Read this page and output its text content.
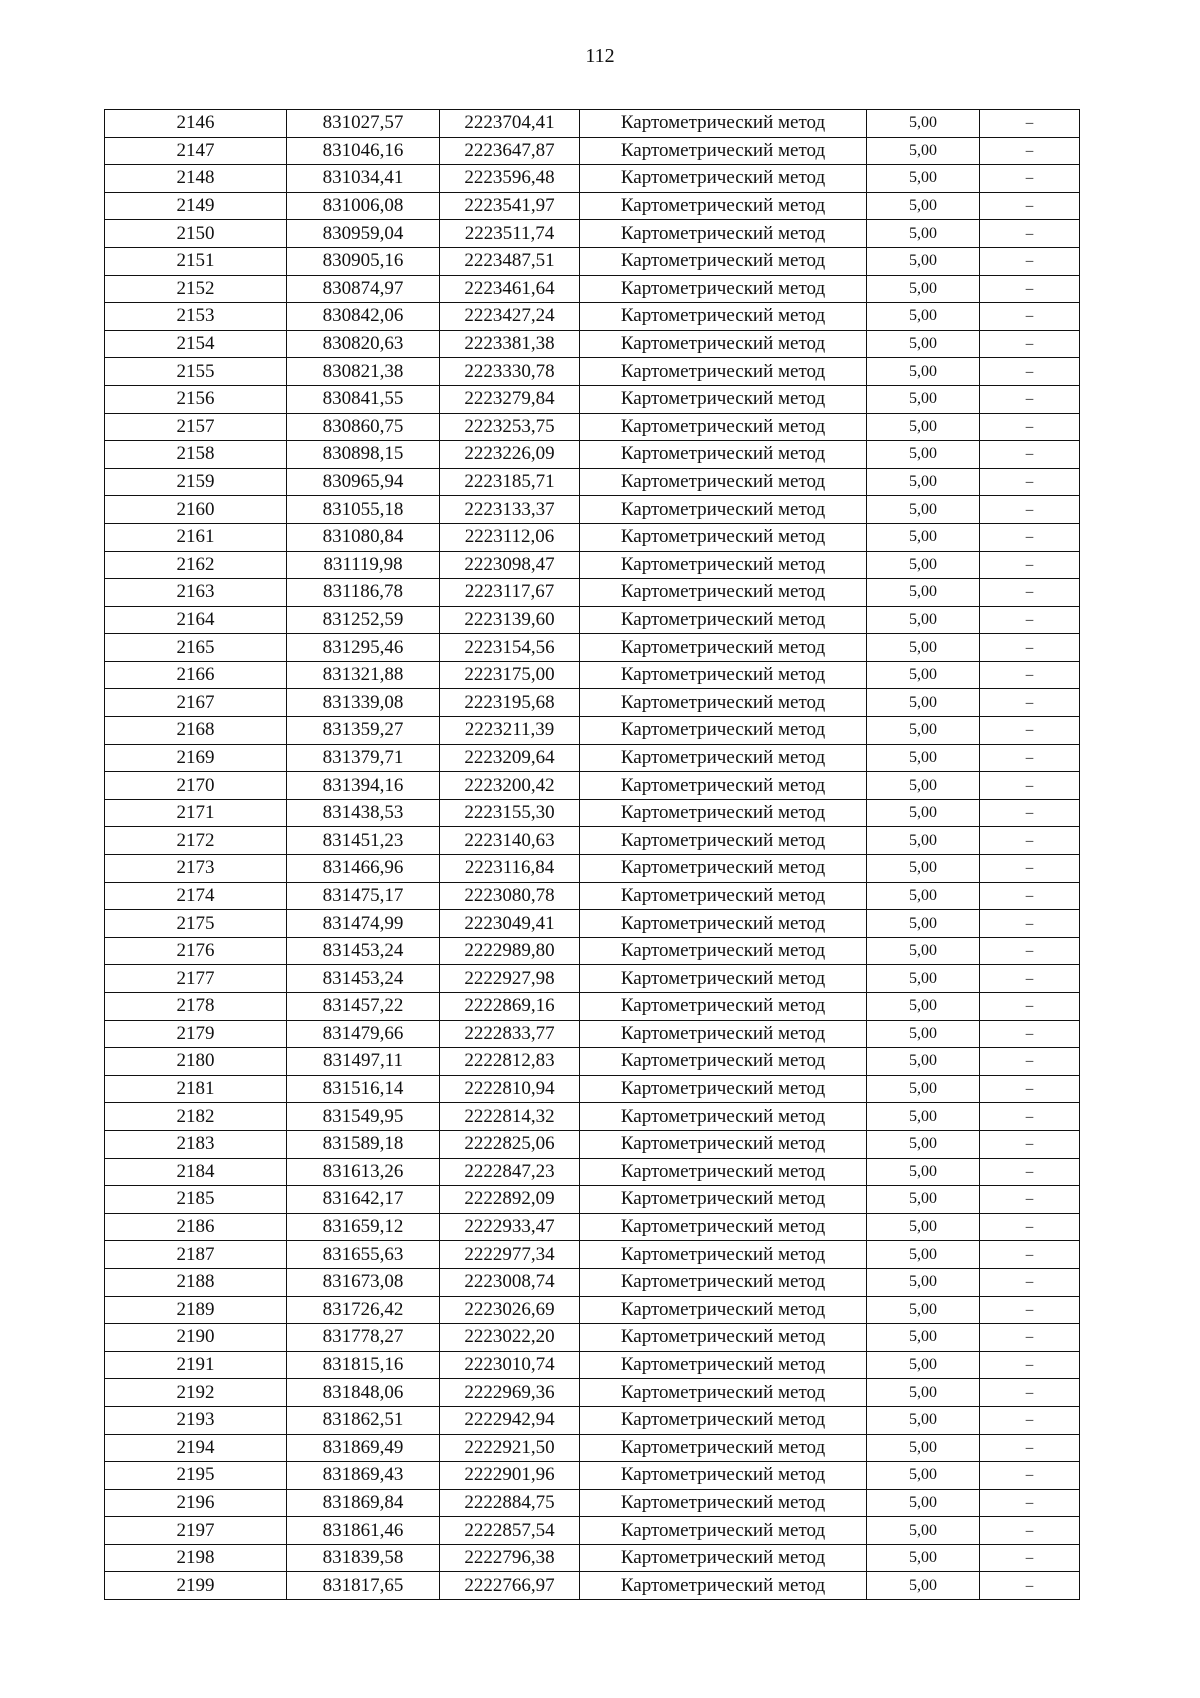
112
2146	831027,57	2223704,41	Картометрический метод	5,00	–
2147	831046,16	2223647,87	Картометрический метод	5,00	–
2148	831034,41	2223596,48	Картометрический метод	5,00	–
2149	831006,08	2223541,97	Картометрический метод	5,00	–
2150	830959,04	2223511,74	Картометрический метод	5,00	–
2151	830905,16	2223487,51	Картометрический метод	5,00	–
2152	830874,97	2223461,64	Картометрический метод	5,00	–
2153	830842,06	2223427,24	Картометрический метод	5,00	–
2154	830820,63	2223381,38	Картометрический метод	5,00	–
2155	830821,38	2223330,78	Картометрический метод	5,00	–
2156	830841,55	2223279,84	Картометрический метод	5,00	–
2157	830860,75	2223253,75	Картометрический метод	5,00	–
2158	830898,15	2223226,09	Картометрический метод	5,00	–
2159	830965,94	2223185,71	Картометрический метод	5,00	–
2160	831055,18	2223133,37	Картометрический метод	5,00	–
2161	831080,84	2223112,06	Картометрический метод	5,00	–
2162	831119,98	2223098,47	Картометрический метод	5,00	–
2163	831186,78	2223117,67	Картометрический метод	5,00	–
2164	831252,59	2223139,60	Картометрический метод	5,00	–
2165	831295,46	2223154,56	Картометрический метод	5,00	–
2166	831321,88	2223175,00	Картометрический метод	5,00	–
2167	831339,08	2223195,68	Картометрический метод	5,00	–
2168	831359,27	2223211,39	Картометрический метод	5,00	–
2169	831379,71	2223209,64	Картометрический метод	5,00	–
2170	831394,16	2223200,42	Картометрический метод	5,00	–
2171	831438,53	2223155,30	Картометрический метод	5,00	–
2172	831451,23	2223140,63	Картометрический метод	5,00	–
2173	831466,96	2223116,84	Картометрический метод	5,00	–
2174	831475,17	2223080,78	Картометрический метод	5,00	–
2175	831474,99	2223049,41	Картометрический метод	5,00	–
2176	831453,24	2222989,80	Картометрический метод	5,00	–
2177	831453,24	2222927,98	Картометрический метод	5,00	–
2178	831457,22	2222869,16	Картометрический метод	5,00	–
2179	831479,66	2222833,77	Картометрический метод	5,00	–
2180	831497,11	2222812,83	Картометрический метод	5,00	–
2181	831516,14	2222810,94	Картометрический метод	5,00	–
2182	831549,95	2222814,32	Картометрический метод	5,00	–
2183	831589,18	2222825,06	Картометрический метод	5,00	–
2184	831613,26	2222847,23	Картометрический метод	5,00	–
2185	831642,17	2222892,09	Картометрический метод	5,00	–
2186	831659,12	2222933,47	Картометрический метод	5,00	–
2187	831655,63	2222977,34	Картометрический метод	5,00	–
2188	831673,08	2223008,74	Картометрический метод	5,00	–
2189	831726,42	2223026,69	Картометрический метод	5,00	–
2190	831778,27	2223022,20	Картометрический метод	5,00	–
2191	831815,16	2223010,74	Картометрический метод	5,00	–
2192	831848,06	2222969,36	Картометрический метод	5,00	–
2193	831862,51	2222942,94	Картометрический метод	5,00	–
2194	831869,49	2222921,50	Картометрический метод	5,00	–
2195	831869,43	2222901,96	Картометрический метод	5,00	–
2196	831869,84	2222884,75	Картометрический метод	5,00	–
2197	831861,46	2222857,54	Картометрический метод	5,00	–
2198	831839,58	2222796,38	Картометрический метод	5,00	–
2199	831817,65	2222766,97	Картометрический метод	5,00	–
